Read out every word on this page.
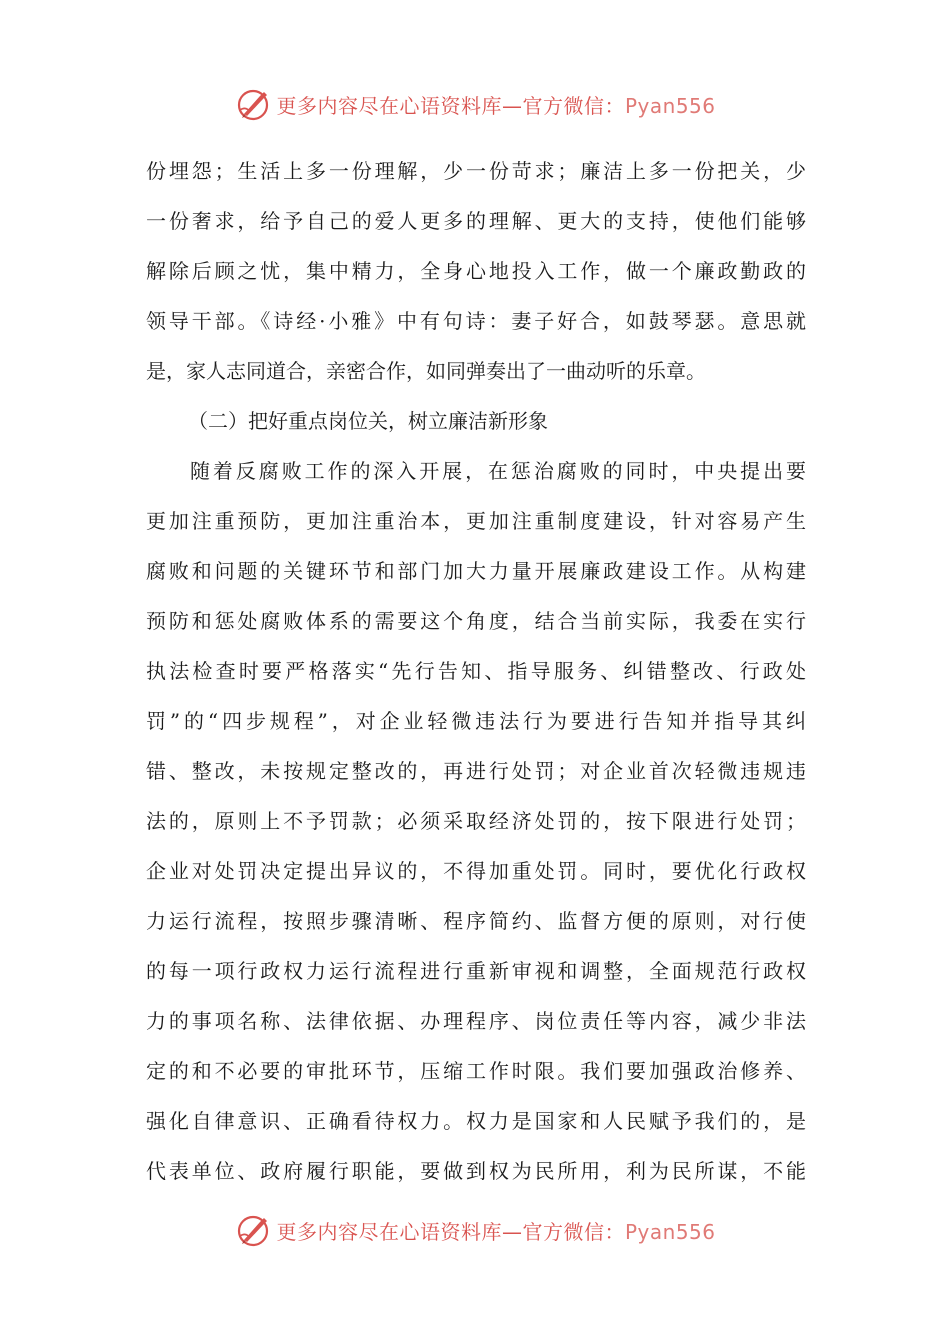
更多内容尽在心语资料库—官方微信：Pyan556
份埋怨；生活上多一份理解，少一份苛求；廉洁上多一份把关，少
一份奢求，给予自己的爱人更多的理解、更大的支持，使他们能够
解除后顾之忧，集中精力，全身心地投入工作，做一个廉政勤政的
领导干部。《诗经·小雅》中有句诗：妻子好合，如鼓琴瑟。意思就
是，家人志同道合，亲密合作，如同弹奏出了一曲动听的乐章。
（二）把好重点岗位关，树立廉洁新形象
随着反腐败工作的深入开展，在惩治腐败的同时，中央提出要
更加注重预防，更加注重治本，更加注重制度建设，针对容易产生
腐败和问题的关键环节和部门加大力量开展廉政建设工作。从构建
预防和惩处腐败体系的需要这个角度，结合当前实际，我委在实行
执法检查时要严格落实“先行告知、指导服务、纠错整改、行政处
罚”的“四步规程”，对企业轻微违法行为要进行告知并指导其纠
错、整改，未按规定整改的，再进行处罚；对企业首次轻微违规违
法的，原则上不予罚款；必须采取经济处罚的，按下限进行处罚；
企业对处罚决定提出异议的，不得加重处罚。同时，要优化行政权
力运行流程，按照步骤清晰、程序简约、监督方便的原则，对行使
的每一项行政权力运行流程进行重新审视和调整，全面规范行政权
力的事项名称、法律依据、办理程序、岗位责任等内容，减少非法
定的和不必要的审批环节，压缩工作时限。我们要加强政治修养、
强化自律意识、正确看待权力。权力是国家和人民赋予我们的，是
代表单位、政府履行职能，要做到权为民所用，利为民所谋，不能
更多内容尽在心语资料库—官方微信：Pyan556
